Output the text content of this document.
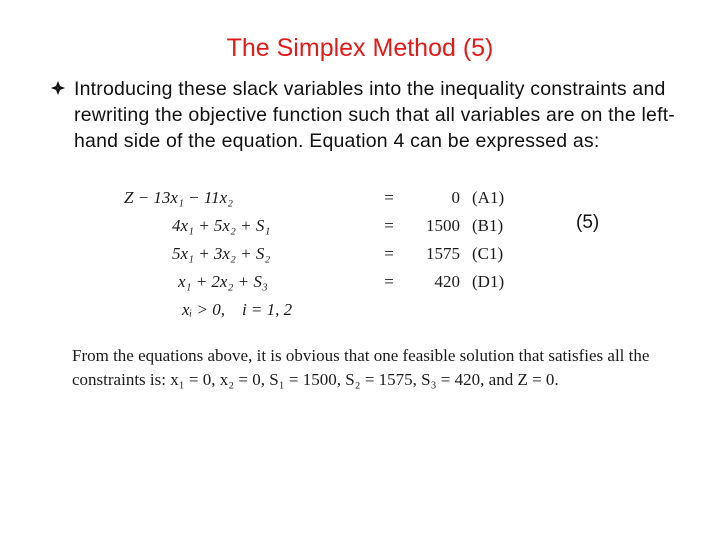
The Simplex Method (5)
Introducing these slack variables into the inequality constraints and rewriting the objective function such that all variables are on the left-hand side of the equation. Equation 4 can be expressed as:
Z − 13x₁ − 11x₂	=	0 (A1)
4x₁ + 5x₂ + S₁	=	1500 (B1)
5x₁ + 3x₂ + S₂	=	1575 (C1)
x₁ + 2x₂ + S₃	=	420 (D1)
xᵢ > 0,    i = 1, 2
(5)
From the equations above, it is obvious that one feasible solution that satisfies all the constraints is: x₁ = 0, x₂ = 0, S₁ = 1500, S₂ = 1575, S₃ = 420, and Z = 0.
